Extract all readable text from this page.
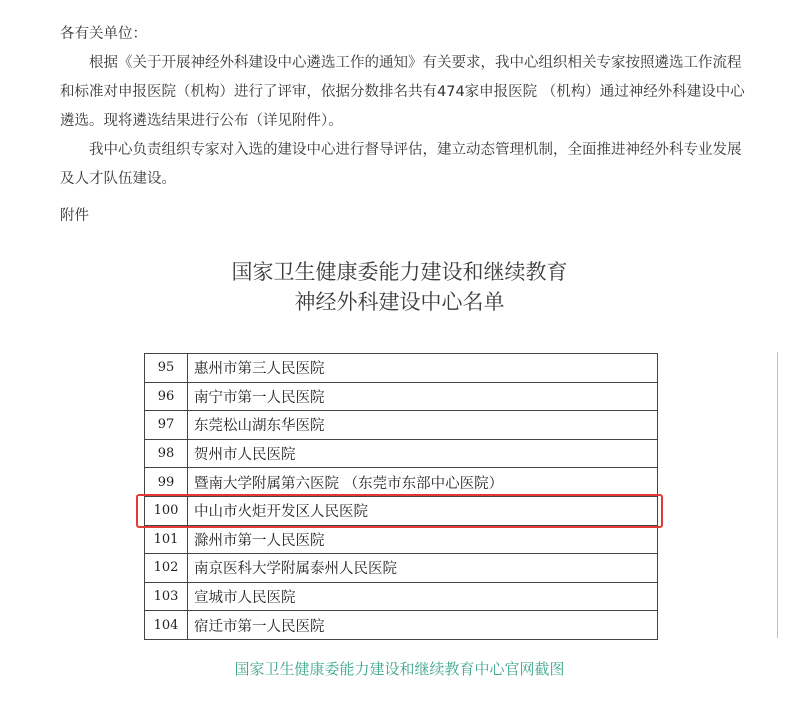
各有关单位：

根据《关于开展神经外科建设中心遴选工作的通知》有关要求，我中心组织相关专家按照遴选工作流程和标准对申报医院（机构）进行了评审，依据分数排名共有474家申报医院 （机构）通过神经外科建设中心遴选。现将遴选结果进行公布（详见附件）。

我中心负责组织专家对入选的建设中心进行督导评估，建立动态管理机制，全面推进神经外科专业发展及人才队伍建设。

附件
国家卫生健康委能力建设和继续教育
神经外科建设中心名单
95	惠州市第三人民医院
96	南宁市第一人民医院
97	东莞松山湖东华医院
98	贺州市人民医院
99	暨南大学附属第六医院 （东莞市东部中心医院）
100	中山市火炬开发区人民医院
101	滁州市第一人民医院
102	南京医科大学附属泰州人民医院
103	宣城市人民医院
104	宿迁市第一人民医院
国家卫生健康委能力建设和继续教育中心官网截图
